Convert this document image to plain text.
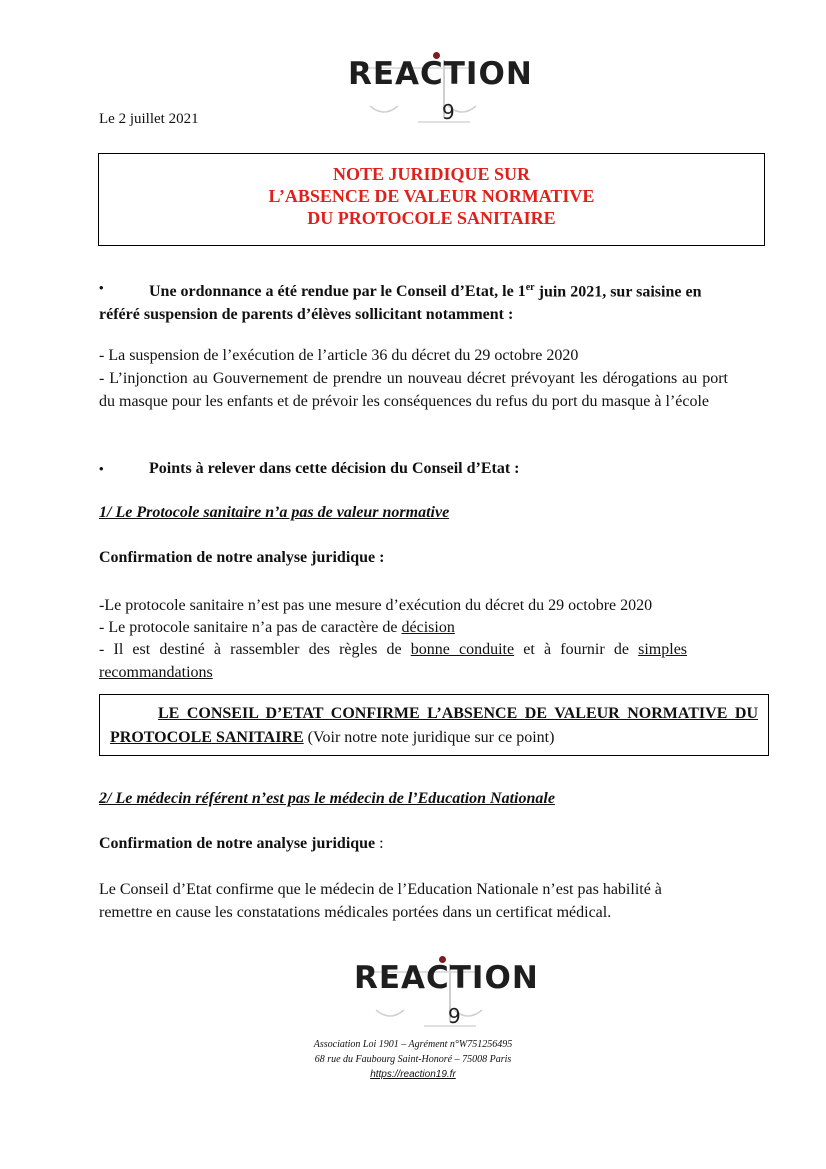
REACTION
9
Le 2 juillet 2021
NOTE JURIDIQUE SUR
L’ABSENCE DE VALEUR NORMATIVE
DU PROTOCOLE SANITAIRE
•	Une ordonnance a été rendue par le Conseil d’Etat, le 1er juin 2021, sur saisine en référé suspension de parents d’élèves sollicitant notamment :
- La suspension de l’exécution de l’article 36 du décret du 29 octobre 2020
- L’injonction au Gouvernement de prendre un nouveau décret prévoyant les dérogations au port du masque pour les enfants et de prévoir les conséquences du refus du port du masque à l’école
•	Points à relever dans cette décision du Conseil d’Etat :
1/ Le Protocole sanitaire n’a pas de valeur normative
Confirmation de notre analyse juridique :
-Le protocole sanitaire n’est pas une mesure d’exécution du décret du 29 octobre 2020
- Le protocole sanitaire n’a pas de caractère de décision
- Il est destiné à rassembler des règles de bonne conduite et à fournir de simples recommandations
LE CONSEIL D’ETAT CONFIRME L’ABSENCE DE VALEUR NORMATIVE DU PROTOCOLE SANITAIRE (Voir notre note juridique sur ce point)
2/ Le médecin référent n’est pas le médecin de l’Education Nationale
Confirmation de notre analyse juridique :
Le Conseil d’Etat confirme que le médecin de l’Education Nationale n’est pas habilité à remettre en cause les constatations médicales portées dans un certificat médical.
REACTION
9
Association Loi 1901 – Agrément n°W751256495
68 rue du Faubourg Saint-Honoré – 75008 Paris
https://reaction19.fr
